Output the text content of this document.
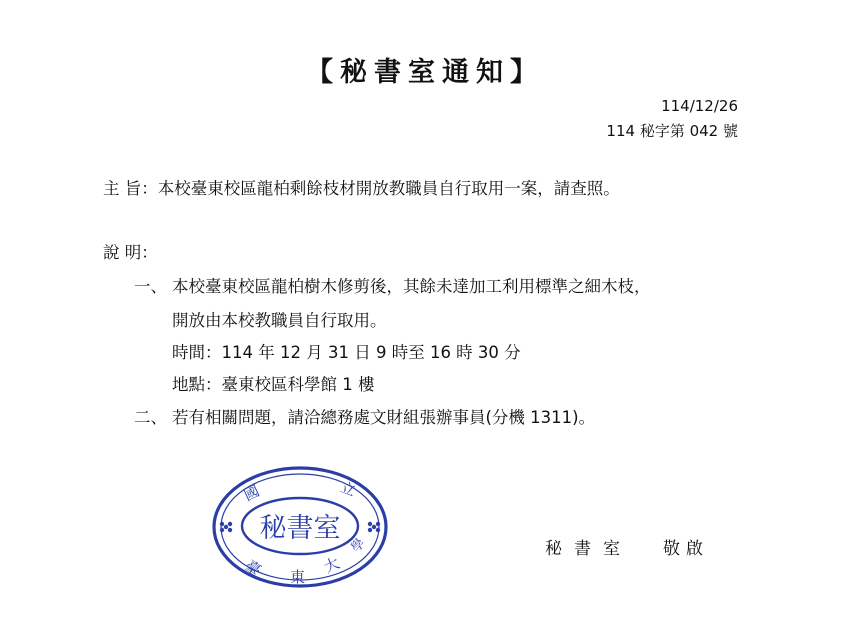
【秘書室通知】
114/12/26
114 秘字第 042 號
主 旨：本校臺東校區龍柏剩餘枝材開放教職員自行取用一案，請查照。
說 明：
一、 本校臺東校區龍柏樹木修剪後，其餘未達加工利用標準之細木枝，
開放由本校教職員自行取用。
時間：114 年 12 月 31 日 9 時至 16 時 30 分
地點：臺東校區科學館 1 樓
二、 若有相關問題，請洽總務處文財組張辦事員(分機 1311)。
國	立
臺 東
大
學
秘書室
秘書室 敬啟
